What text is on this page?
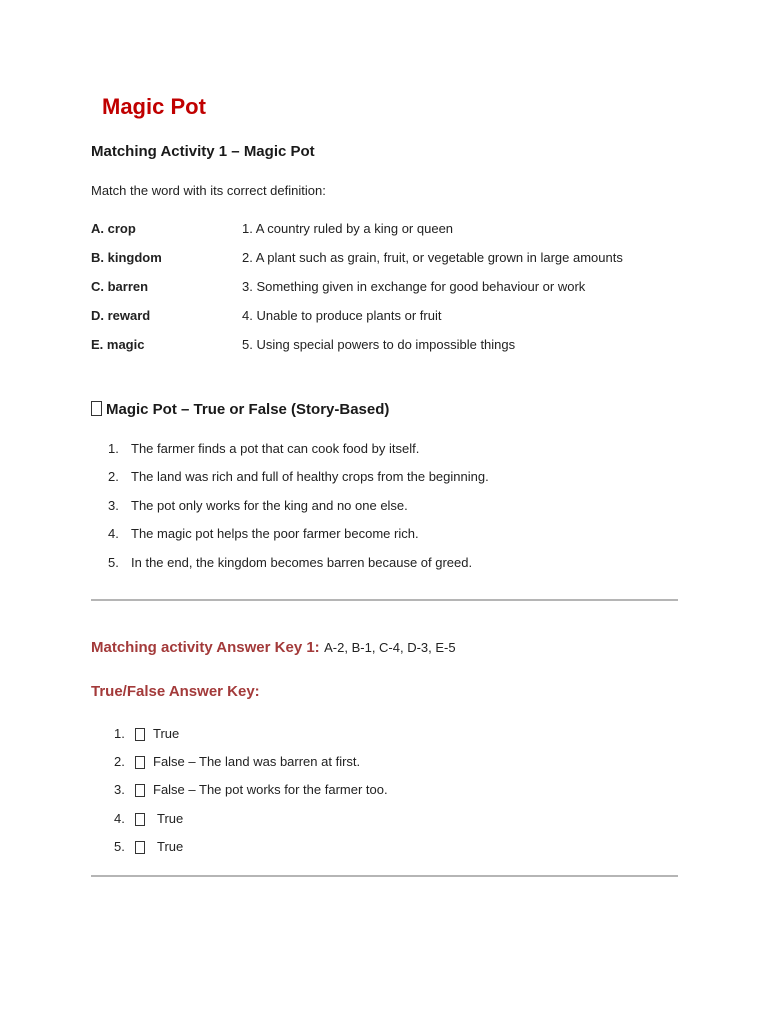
Magic Pot
Matching Activity 1 – Magic Pot
Match the word with its correct definition:
A. crop
B. kingdom
C. barren
D. reward
E. magic
1. A country ruled by a king or queen
2. A plant such as grain, fruit, or vegetable grown in large amounts
3. Something given in exchange for good behaviour or work
4. Unable to produce plants or fruit
5. Using special powers to do impossible things
Magic Pot – True or False (Story-Based)
1. The farmer finds a pot that can cook food by itself.
2. The land was rich and full of healthy crops from the beginning.
3. The pot only works for the king and no one else.
4. The magic pot helps the poor farmer become rich.
5. In the end, the kingdom becomes barren because of greed.
Matching activity Answer Key 1: A-2, B-1, C-4, D-3, E-5
True/False Answer Key:
1. True
2. False – The land was barren at first.
3. False – The pot works for the farmer too.
4. True
5. True
